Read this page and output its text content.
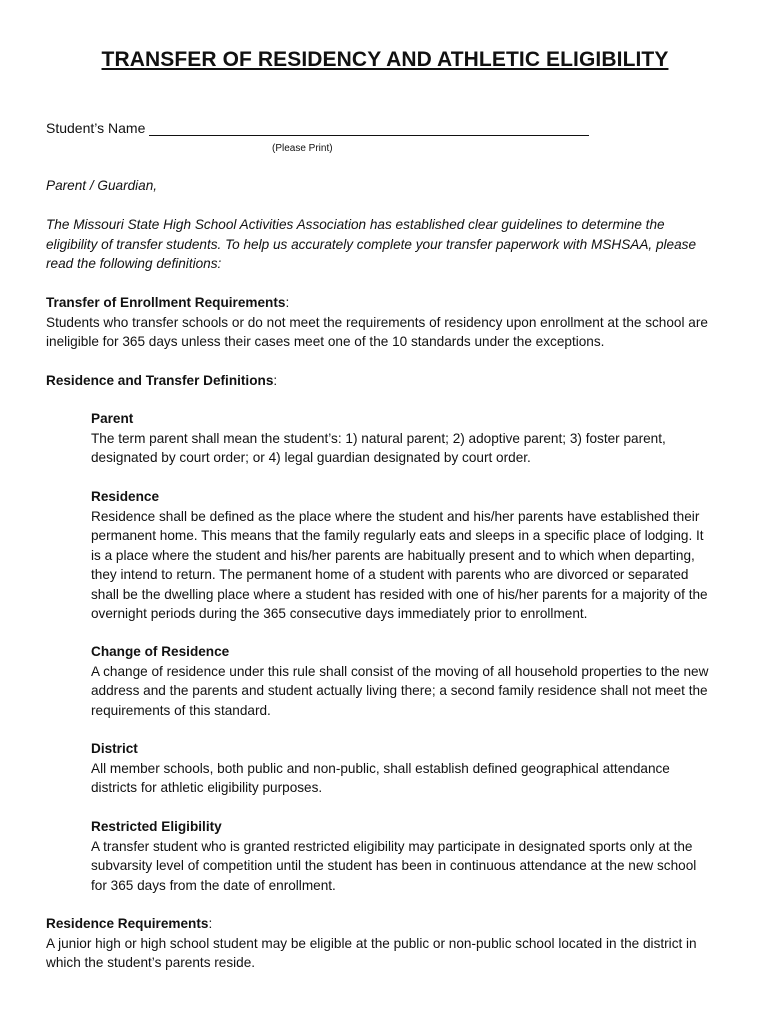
TRANSFER OF RESIDENCY AND ATHLETIC ELIGIBILITY
Student’s Name
(Please Print)
Parent / Guardian,

The Missouri State High School Activities Association has established clear guidelines to determine the

eligibility of transfer students. To help us accurately complete your transfer paperwork with MSHSAA, please

read the following definitions:

Transfer of Enrollment Requirements:

Students who transfer schools or do not meet the requirements of residency upon enrollment at the school are

ineligible for 365 days unless their cases meet one of the 10 standards under the exceptions.

Residence and Transfer Definitions:

Parent

The term parent shall mean the student’s: 1) natural parent; 2) adoptive parent; 3) foster parent,

designated by court order; or 4) legal guardian designated by court order.

Residence

Residence shall be defined as the place where the student and his/her parents have established their

permanent home. This means that the family regularly eats and sleeps in a specific place of lodging. It

is a place where the student and his/her parents are habitually present and to which when departing,

they intend to return. The permanent home of a student with parents who are divorced or separated

shall be the dwelling place where a student has resided with one of his/her parents for a majority of the

overnight periods during the 365 consecutive days immediately prior to enrollment.

Change of Residence

A change of residence under this rule shall consist of the moving of all household properties to the new

address and the parents and student actually living there; a second family residence shall not meet the

requirements of this standard.

District

All member schools, both public and non-public, shall establish defined geographical attendance

districts for athletic eligibility purposes.

Restricted Eligibility

A transfer student who is granted restricted eligibility may participate in designated sports only at the

subvarsity level of competition until the student has been in continuous attendance at the new school

for 365 days from the date of enrollment.

Residence Requirements:

A junior high or high school student may be eligible at the public or non-public school located in the district in

which the student’s parents reside.
